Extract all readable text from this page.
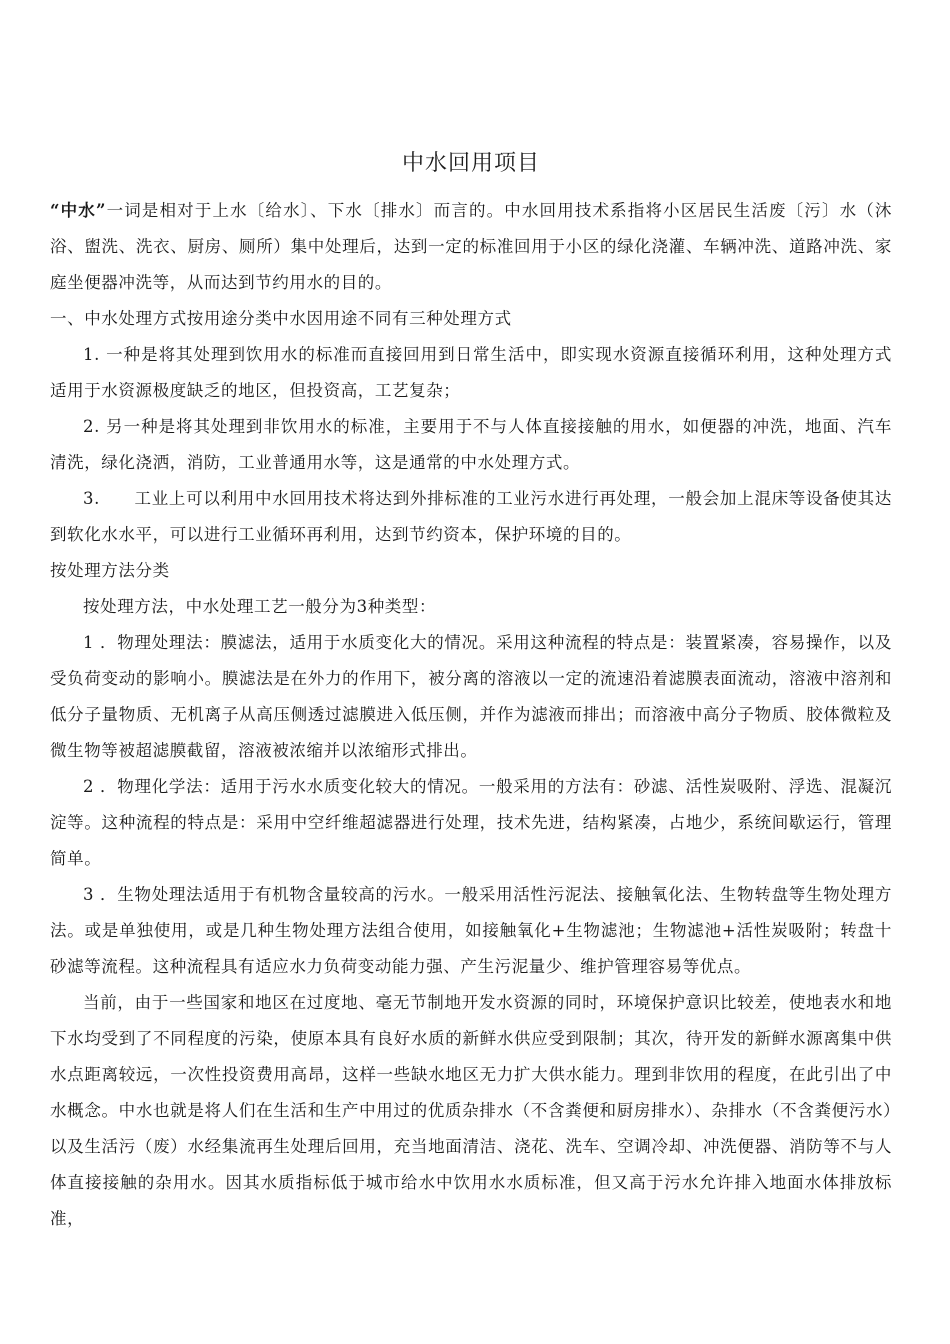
中水回用项目

“中水”一词是相对于上水〔给水〕、下水〔排水〕而言的。中水回用技术系指将小区居民生活废〔污〕水（沐浴、盥洗、洗衣、厨房、厕所）集中处理后，达到一定的标准回用于小区的绿化浇灌、车辆冲洗、道路冲洗、家庭坐便器冲洗等，从而达到节约用水的目的。

一、中水处理方式按用途分类中水因用途不同有三种处理方式

1. 一种是将其处理到饮用水的标准而直接回用到日常生活中，即实现水资源直接循环利用，这种处理方式适用于水资源极度缺乏的地区，但投资高，工艺复杂；

2. 另一种是将其处理到非饮用水的标准，主要用于不与人体直接接触的用水，如便器的冲洗，地面、汽车清洗，绿化浇洒，消防，工业普通用水等，这是通常的中水处理方式。

3.　　工业上可以利用中水回用技术将达到外排标准的工业污水进行再处理，一般会加上混床等设备使其达到软化水水平，可以进行工业循环再利用，达到节约资本，保护环境的目的。

按处理方法分类

按处理方法，中水处理工艺一般分为3种类型：

1 ．物理处理法：膜滤法，适用于水质变化大的情况。采用这种流程的特点是：装置紧凑，容易操作，以及受负荷变动的影响小。膜滤法是在外力的作用下，被分离的溶液以一定的流速沿着滤膜表面流动，溶液中溶剂和低分子量物质、无机离子从高压侧透过滤膜进入低压侧，并作为滤液而排出；而溶液中高分子物质、胶体微粒及微生物等被超滤膜截留，溶液被浓缩并以浓缩形式排出。

2 ．物理化学法：适用于污水水质变化较大的情况。一般采用的方法有：砂滤、活性炭吸附、浮选、混凝沉淀等。这种流程的特点是：采用中空纤维超滤器进行处理，技术先进，结构紧凑，占地少，系统间歇运行，管理简单。

3 ．生物处理法适用于有机物含量较高的污水。一般采用活性污泥法、接触氧化法、生物转盘等生物处理方法。或是单独使用，或是几种生物处理方法组合使用，如接触氧化+生物滤池；生物滤池+活性炭吸附；转盘十砂滤等流程。这种流程具有适应水力负荷变动能力强、产生污泥量少、维护管理容易等优点。

当前，由于一些国家和地区在过度地、毫无节制地开发水资源的同时，环境保护意识比较差，使地表水和地下水均受到了不同程度的污染，使原本具有良好水质的新鲜水供应受到限制；其次，待开发的新鲜水源离集中供水点距离较远，一次性投资费用高昂，这样一些缺水地区无力扩大供水能力。理到非饮用的程度，在此引出了中水概念。中水也就是将人们在生活和生产中用过的优质杂排水（不含粪便和厨房排水）、杂排水（不含粪便污水）以及生活污（废）水经集流再生处理后回用，充当地面清洁、浇花、洗车、空调冷却、冲洗便器、消防等不与人体直接接触的杂用水。因其水质指标低于城市给水中饮用水水质标准，但又高于污水允许排入地面水体排放标准，
